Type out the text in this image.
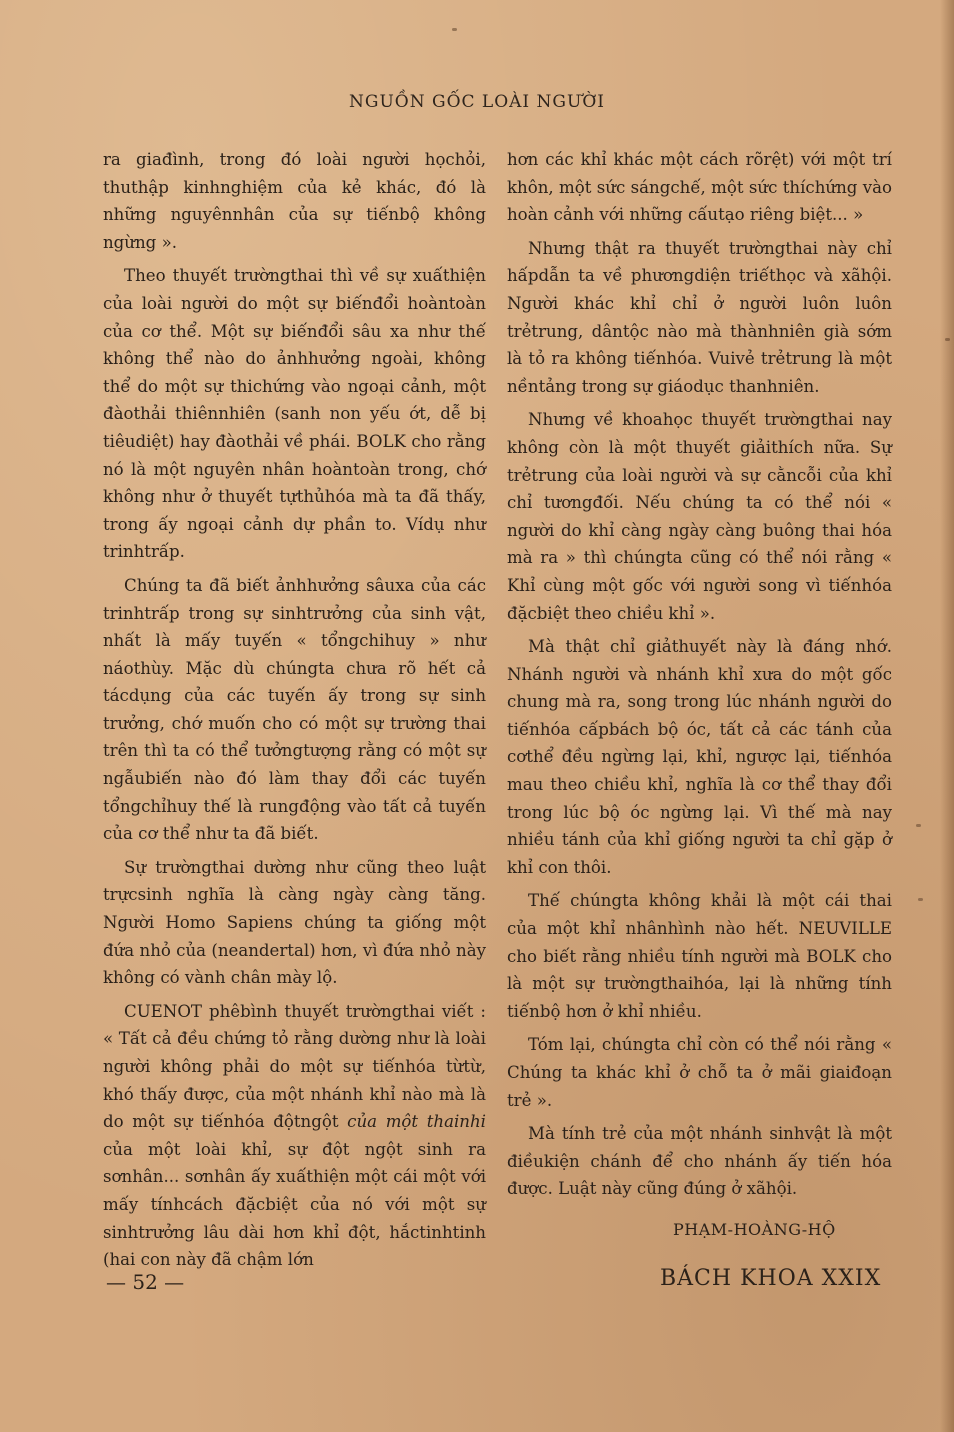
NGUỒN GỐC LOÀI NGƯỜI

ra giađình, trong đó loài người họchỏi, thuthập kinhnghiệm của kẻ khác, đó là những nguyênnhân của sự tiếnbộ không ngừng ».

Theo thuyết trườngthai thì về sự xuấthiện của loài người do một sự biếnđổi hoàntoàn của cơ thể. Một sự biếnđổi sâu xa như thế không thể nào do ảnhhưởng ngoài, không thể do một sự thichứng vào ngoại cảnh, một đàothải thiênnhiên (sanh non yếu ớt, dễ bị tiêudiệt) hay đàothải về phái. BOLK cho rằng nó là một nguyên nhân hoàntoàn trong, chớ không như ở thuyết tựthủhóa mà ta đã thấy, trong ấy ngoại cảnh dự phần to. Vídụ như trinhtrấp.

Chúng ta đã biết ảnhhưởng sâuxa của các trinhtrấp trong sự sinhtrưởng của sinh vật, nhất là mấy tuyến « tổngchihuy » như náothùy. Mặc dù chúngta chưa rõ hết cả tácdụng của các tuyến ấy trong sự sinh trưởng, chớ muốn cho có một sự trường thai trên thì ta có thể tưởngtượng rằng có một sự ngẫubiến nào đó làm thay đổi các tuyến tổngchỉhuy thế là rungđộng vào tất cả tuyến của cơ thể như ta đã biết.

Sự trườngthai dường như cũng theo luật trựcsinh nghĩa là càng ngày càng tăng. Người Homo Sapiens chúng ta giống một đứa nhỏ của (neandertal) hơn, vì đứa nhỏ này không có vành chân mày lộ.

CUENOT phêbình thuyết trườngthai viết : « Tất cả đều chứng tỏ rằng dường như là loài người không phải do một sự tiếnhóa từtừ, khó thấy được, của một nhánh khỉ nào mà là do một sự tiếnhóa độtngột của một thainhi của một loài khỉ, sự đột ngột sinh ra sơnhân... sơnhân ấy xuấthiện một cái một với mấy tínhcách đặcbiệt của nó với một sự sinhtrưởng lâu dài hơn khỉ đột, hắctinhtinh (hai con này đã chậm lớn

hơn các khỉ khác một cách rõrệt) với một trí khôn, một sức sángchế, một sức thíchứng vào hoàn cảnh với những cấutạo riêng biệt... »

Nhưng thật ra thuyết trườngthai này chỉ hấpdẫn ta về phươngdiện triếthọc và xãhội. Người khác khỉ chỉ ở người luôn luôn trẻtrung, dântộc nào mà thànhniên già sớm là tỏ ra không tiếnhóa. Vuivẻ trẻtrung là một nềntảng trong sự giáodục thanhniên.

Nhưng về khoahọc thuyết trườngthai nay không còn là một thuyết giảithích nữa. Sự trẻtrung của loài người và sự cằncỗi của khỉ chỉ tươngđối. Nếu chúng ta có thể nói « người do khỉ càng ngày càng buông thai hóa mà ra » thì chúngta cũng có thể nói rằng « Khỉ cùng một gốc với người song vì tiếnhóa đặcbiệt theo chiều khỉ ».

Mà thật chỉ giảthuyết này là đáng nhớ. Nhánh người và nhánh khỉ xưa do một gốc chung mà ra, song trong lúc nhánh người do tiếnhóa cấpbách bộ óc, tất cả các tánh của cơthể đều ngừng lại, khỉ, ngược lại, tiếnhóa mau theo chiều khỉ, nghĩa là cơ thể thay đổi trong lúc bộ óc ngừng lại. Vì thế mà nay nhiều tánh của khỉ giống người ta chỉ gặp ở khỉ con thôi.

Thế chúngta không khải là một cái thai của một khỉ nhânhình nào hết. NEUVILLE cho biết rằng nhiều tính người mà BOLK cho là một sự trườngthaihóa, lại là những tính tiếnbộ hơn ở khỉ nhiều.

Tóm lại, chúngta chỉ còn có thể nói rằng « Chúng ta khác khỉ ở chỗ ta ở mãi giaiđoạn trẻ ».

Mà tính trẻ của một nhánh sinhvật là một điềukiện chánh để cho nhánh ấy tiến hóa được. Luật này cũng đúng ở xãhội.

PHẠM-HOÀNG-HỘ
— 52 —	BÁCH KHOA XXIX
